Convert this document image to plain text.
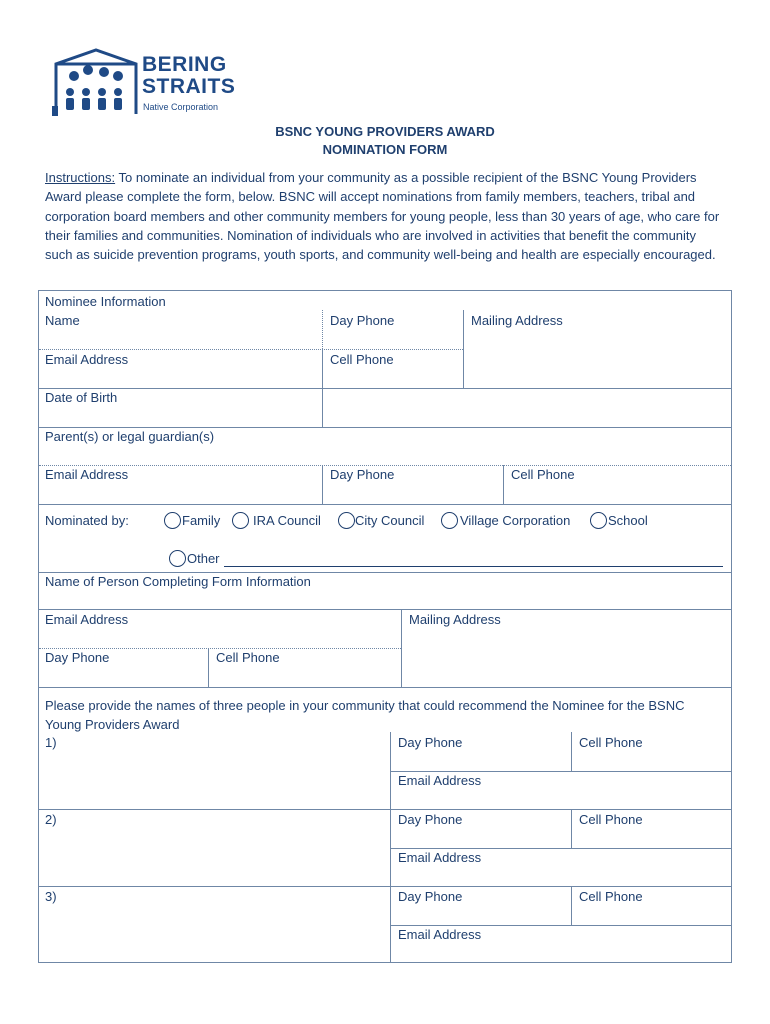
BERING
STRAITS
Native Corporation
BSNC YOUNG PROVIDERS AWARD
NOMINATION FORM
Instructions: To nominate an individual from your community as a possible recipient of the BSNC Young Providers Award please complete the form, below. BSNC will accept nominations from family members, teachers, tribal and corporation board members and other community members for young people, less than 30 years of age, who care for their families and communities. Nomination of individuals who are involved in activities that benefit the community such as suicide prevention programs, youth sports, and community well-being and health are especially encouraged.
Nominee Information
Name	Day Phone	Mailing Address
Email Address	Cell Phone
Date of Birth
Parent(s) or legal guardian(s)
Email Address	Day Phone	Cell Phone
Nominated by:	Family	IRA Council	City Council	Village Corporation	School
Other
Name of Person Completing Form Information
Email Address	Mailing Address
Day Phone	Cell Phone
Please provide the names of three people in your community that could recommend the Nominee for the BSNC Young Providers Award
1)	Day Phone	Cell Phone
Email Address
2)	Day Phone	Cell Phone
Email Address
3)	Day Phone	Cell Phone
Email Address
